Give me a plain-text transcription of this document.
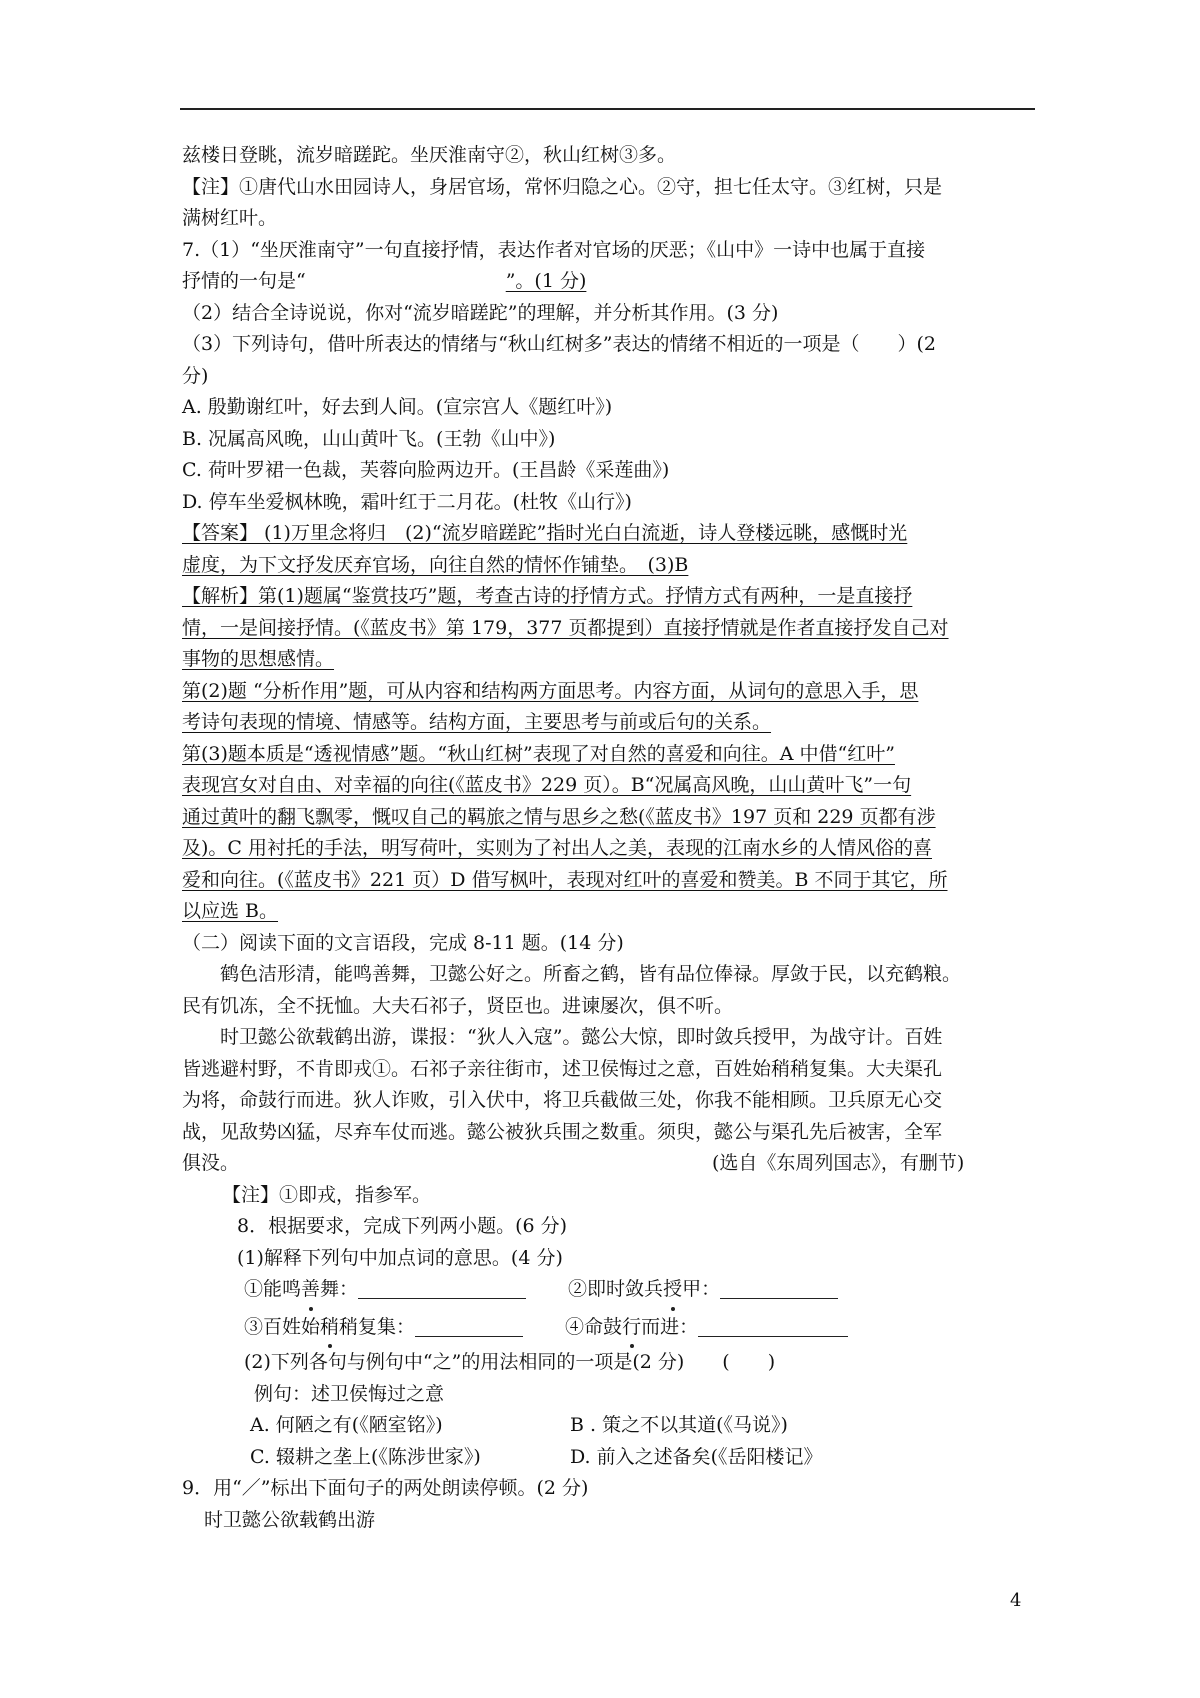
兹楼日登眺，流岁暗蹉跎。坐厌淮南守②，秋山红树③多。
【注】①唐代山水田园诗人，身居官场，常怀归隐之心。②守，担七任太守。③红树，只是
满树红叶。
7.（1）“坐厌淮南守”一句直接抒情，表达作者对官场的厌恶；《山中》一诗中也属于直接
抒情的一句是“	”。(1 分)
（2）结合全诗说说，你对“流岁暗蹉跎”的理解，并分析其作用。(3 分)
（3）下列诗句，借叶所表达的情绪与“秋山红树多”表达的情绪不相近的一项是（　　）(2
分)
A. 殷勤谢红叶，好去到人间。(宣宗宫人《题红叶》)
B. 况属高风晚，山山黄叶飞。(王勃《山中》)
C. 荷叶罗裙一色裁，芙蓉向脸两边开。(王昌龄《采莲曲》)
D. 停车坐爱枫林晚，霜叶红于二月花。(杜牧《山行》)
【答案】 (1)万里念将归　(2)“流岁暗蹉跎”指时光白白流逝，诗人登楼远眺，感慨时光
虚度，为下文抒发厌弃官场，向往自然的情怀作铺垫。　(3)B
【解析】第(1)题属“鉴赏技巧”题，考查古诗的抒情方式。抒情方式有两种，一是直接抒
情，一是间接抒情。(《蓝皮书》第 179，377 页都提到）直接抒情就是作者直接抒发自己对
事物的思想感情。
第(2)题 “分析作用”题，可从内容和结构两方面思考。内容方面，从词句的意思入手，思
考诗句表现的情境、情感等。结构方面，主要思考与前或后句的关系。
第(3)题本质是“透视情感”题。“秋山红树”表现了对自然的喜爱和向往。A 中借“红叶”
表现宫女对自由、对幸福的向往(《蓝皮书》229 页）。B“况属高风晚，山山黄叶飞”一句
通过黄叶的翻飞飘零，慨叹自己的羁旅之情与思乡之愁(《蓝皮书》197 页和 229 页都有涉
及)。C 用衬托的手法，明写荷叶，实则为了衬出人之美，表现的江南水乡的人情风俗的喜
爱和向往。(《蓝皮书》221 页）D 借写枫叶，表现对红叶的喜爱和赞美。B 不同于其它，所
以应选 B。
（二）阅读下面的文言语段，完成 8-11 题。(14 分)
鹤色洁形清，能鸣善舞，卫懿公好之。所畜之鹤，皆有品位俸禄。厚敛于民，以充鹤粮。
民有饥冻，全不抚恤。大夫石祁子，贤臣也。进谏屡次，俱不听。
时卫懿公欲载鹤出游，谍报：“狄人入寇”。懿公大惊，即时敛兵授甲，为战守计。百姓
皆逃避村野，不肯即戎①。石祁子亲往街市，述卫侯悔过之意，百姓始稍稍复集。大夫渠孔
为将，命鼓行而进。狄人诈败，引入伏中，将卫兵截做三处，你我不能相顾。卫兵原无心交
战，见敌势凶猛，尽弃车仗而逃。懿公被狄兵围之数重。须臾，懿公与渠孔先后被害，全军
俱没。	(选自《东周列国志》，有删节)
【注】①即戎，指参军。
8．根据要求，完成下列两小题。(6 分)
(1)解释下列句中加点词的意思。(4 分)
①能鸣善舞：	②即时敛兵授甲：
③百姓始稍稍复集：	④命鼓行而进：
(2)下列各句与例句中“之”的用法相同的一项是(2 分)　　(　　)
例句：述卫侯悔过之意
A. 何陋之有(《陋室铭》)	B . 策之不以其道(《马说》)
C. 辍耕之垄上(《陈涉世家》)	D. 前入之述备矣(《岳阳楼记》
9．用“／”标出下面句子的两处朗读停顿。(2 分)
时卫懿公欲载鹤出游
4
